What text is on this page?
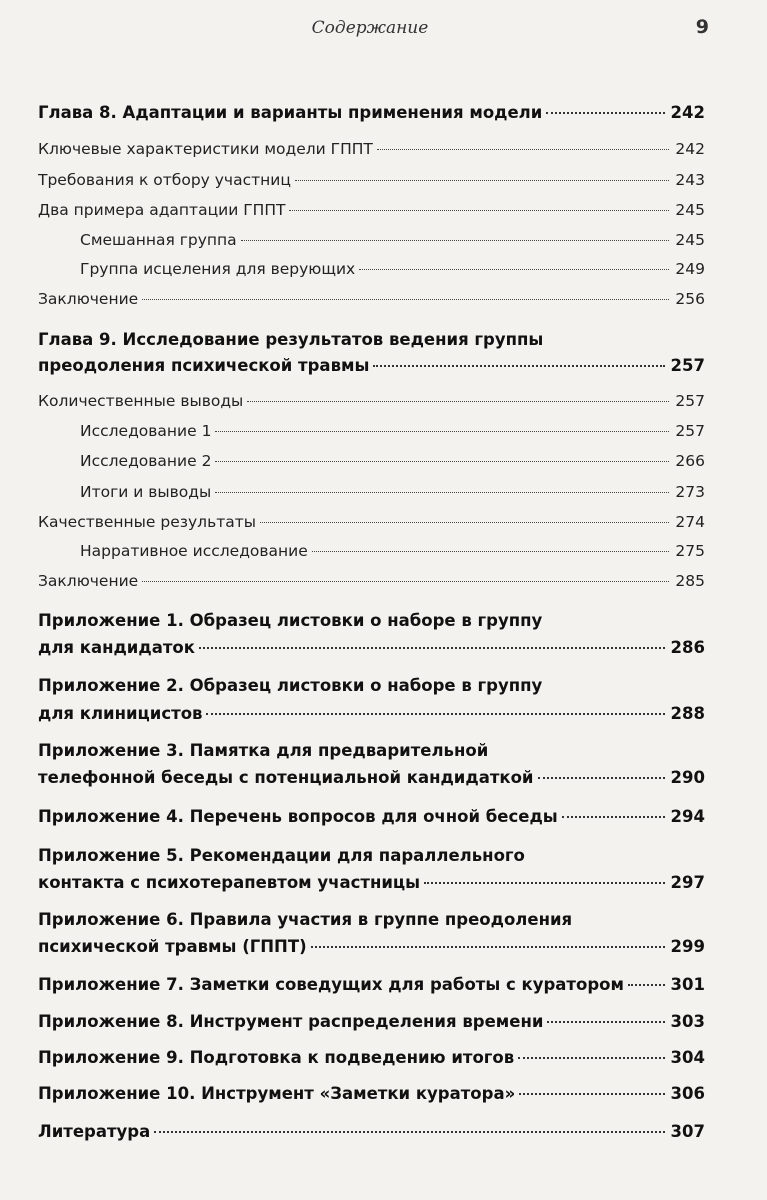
Содержание	9
Глава 8. Адаптации и варианты применения модели	242
Ключевые характеристики модели ГППТ	242
Требования к отбору участниц	243
Два примера адаптации ГППТ	245
Смешанная группа	245
Группа исцеления для верующих	249
Заключение	256
Глава 9. Исследование результатов ведения группы
преодоления психической травмы	257
Количественные выводы	257
Исследование 1	257
Исследование 2	266
Итоги и выводы	273
Качественные результаты	274
Нарративное исследование	275
Заключение	285
Приложение 1. Образец листовки о наборе в группу
для кандидаток	286
Приложение 2. Образец листовки о наборе в группу
для клиницистов	288
Приложение 3. Памятка для предварительной
телефонной беседы с потенциальной кандидаткой	290
Приложение 4. Перечень вопросов для очной беседы	294
Приложение 5. Рекомендации для параллельного
контакта с психотерапевтом участницы	297
Приложение 6. Правила участия в группе преодоления
психической травмы (ГППТ)	299
Приложение 7. Заметки соведущих для работы с куратором	301
Приложение 8. Инструмент распределения времени	303
Приложение 9. Подготовка к подведению итогов	304
Приложение 10. Инструмент «Заметки куратора»	306
Литература	307
